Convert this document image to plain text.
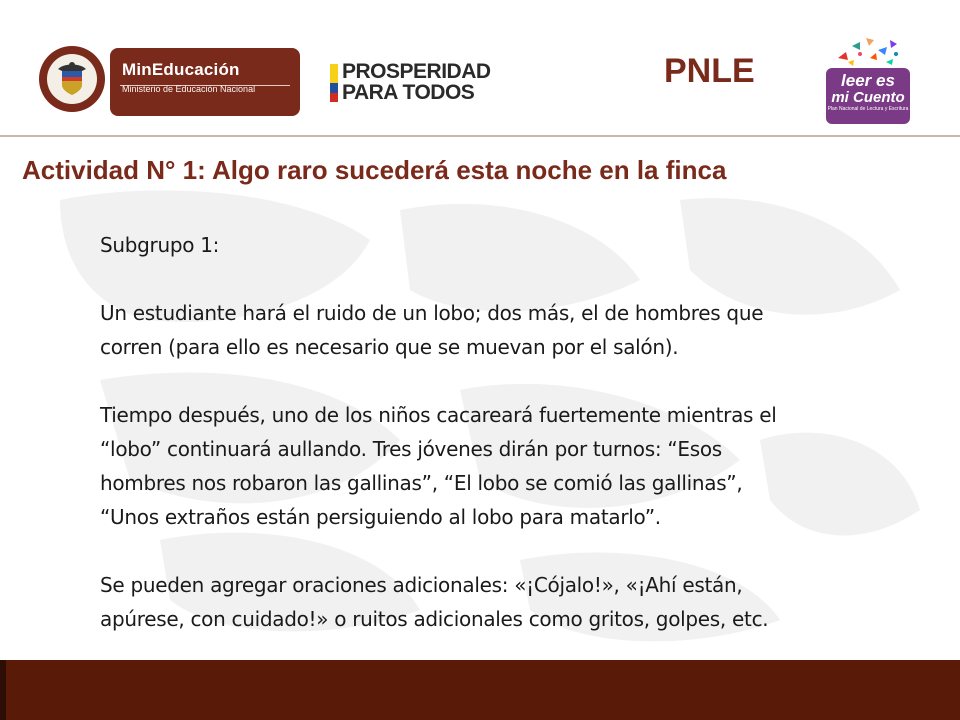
MinEducación
Ministerio de Educación Nacional
PROSPERIDAD
PARA TODOS
PNLE	leer es
mi Cuento
Plan Nacional de Lectura y Escritura
Actividad N° 1: Algo raro sucederá esta noche en la finca

Subgrupo 1:

Un estudiante hará el ruido de un lobo; dos más, el de hombres que

corren (para ello es necesario que se muevan por el salón).

Tiempo después, uno de los niños cacareará fuertemente mientras el

“lobo” continuará aullando. Tres jóvenes dirán por turnos: “Esos

hombres nos robaron las gallinas”, “El lobo se comió las gallinas”,

“Unos extraños están persiguiendo al lobo para matarlo”.

Se pueden agregar oraciones adicionales: «¡Cójalo!», «¡Ahí están,

apúrese, con cuidado!» o ruitos adicionales como gritos, golpes, etc.
